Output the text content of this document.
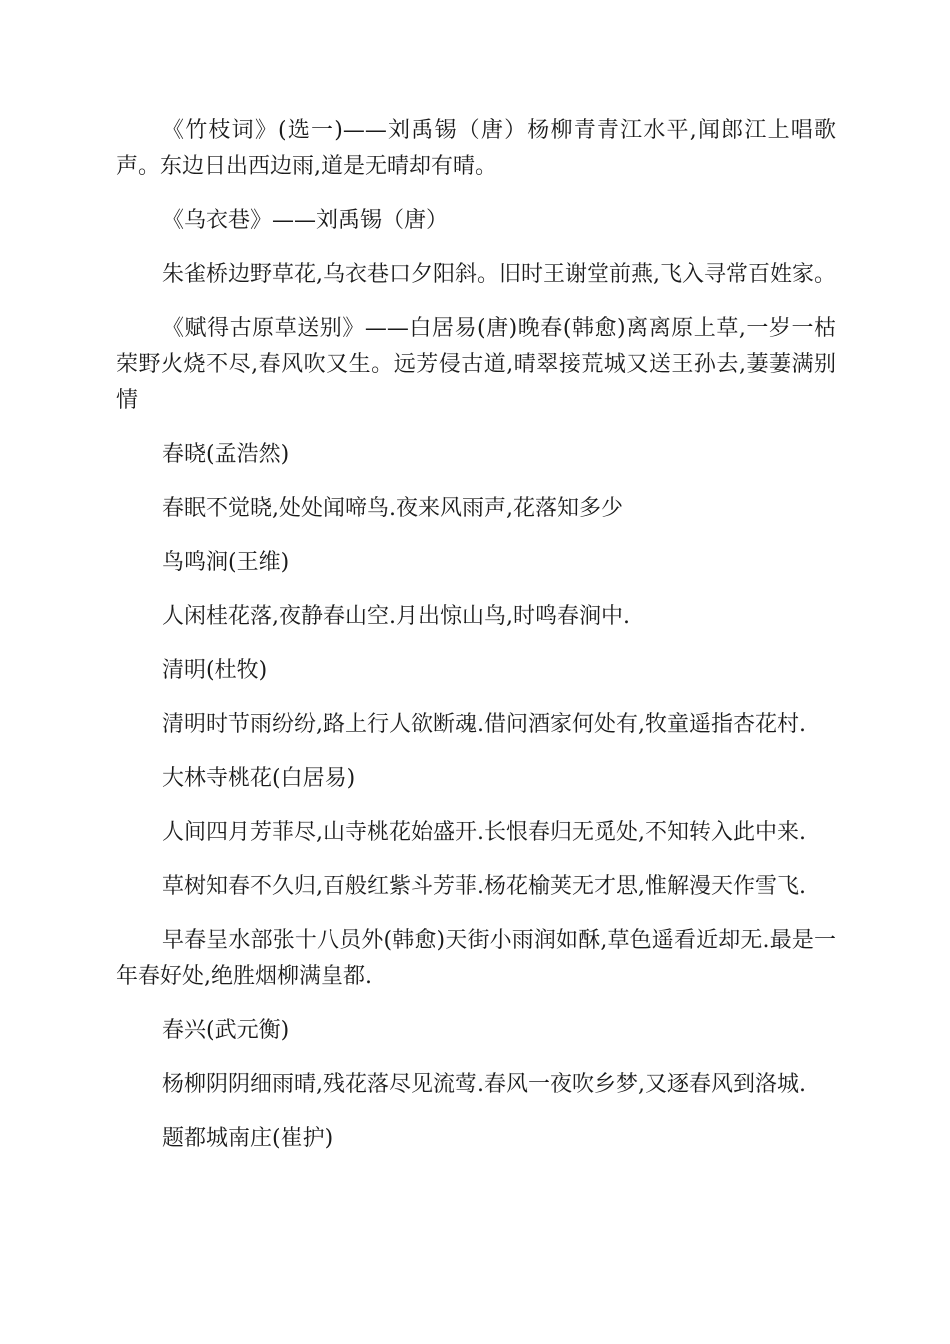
《竹枝词》(选一)——刘禹锡（唐）杨柳青青江水平,闻郎江上唱歌声。东边日出西边雨,道是无晴却有晴。

《乌衣巷》——刘禹锡（唐）

朱雀桥边野草花,乌衣巷口夕阳斜。旧时王谢堂前燕,飞入寻常百姓家。

《赋得古原草送别》——白居易(唐)晚春(韩愈)离离原上草,一岁一枯荣野火烧不尽,春风吹又生。远芳侵古道,晴翠接荒城又送王孙去,萋萋满别情

春晓(孟浩然)

春眠不觉晓,处处闻啼鸟.夜来风雨声,花落知多少

鸟鸣涧(王维)

人闲桂花落,夜静春山空.月出惊山鸟,时鸣春涧中.

清明(杜牧)

清明时节雨纷纷,路上行人欲断魂.借问酒家何处有,牧童遥指杏花村.

大林寺桃花(白居易)

人间四月芳菲尽,山寺桃花始盛开.长恨春归无觅处,不知转入此中来.

草树知春不久归,百般红紫斗芳菲.杨花榆荚无才思,惟解漫天作雪飞.

早春呈水部张十八员外(韩愈)天街小雨润如酥,草色遥看近却无.最是一年春好处,绝胜烟柳满皇都.

春兴(武元衡)

杨柳阴阴细雨晴,残花落尽见流莺.春风一夜吹乡梦,又逐春风到洛城.

题都城南庄(崔护)
